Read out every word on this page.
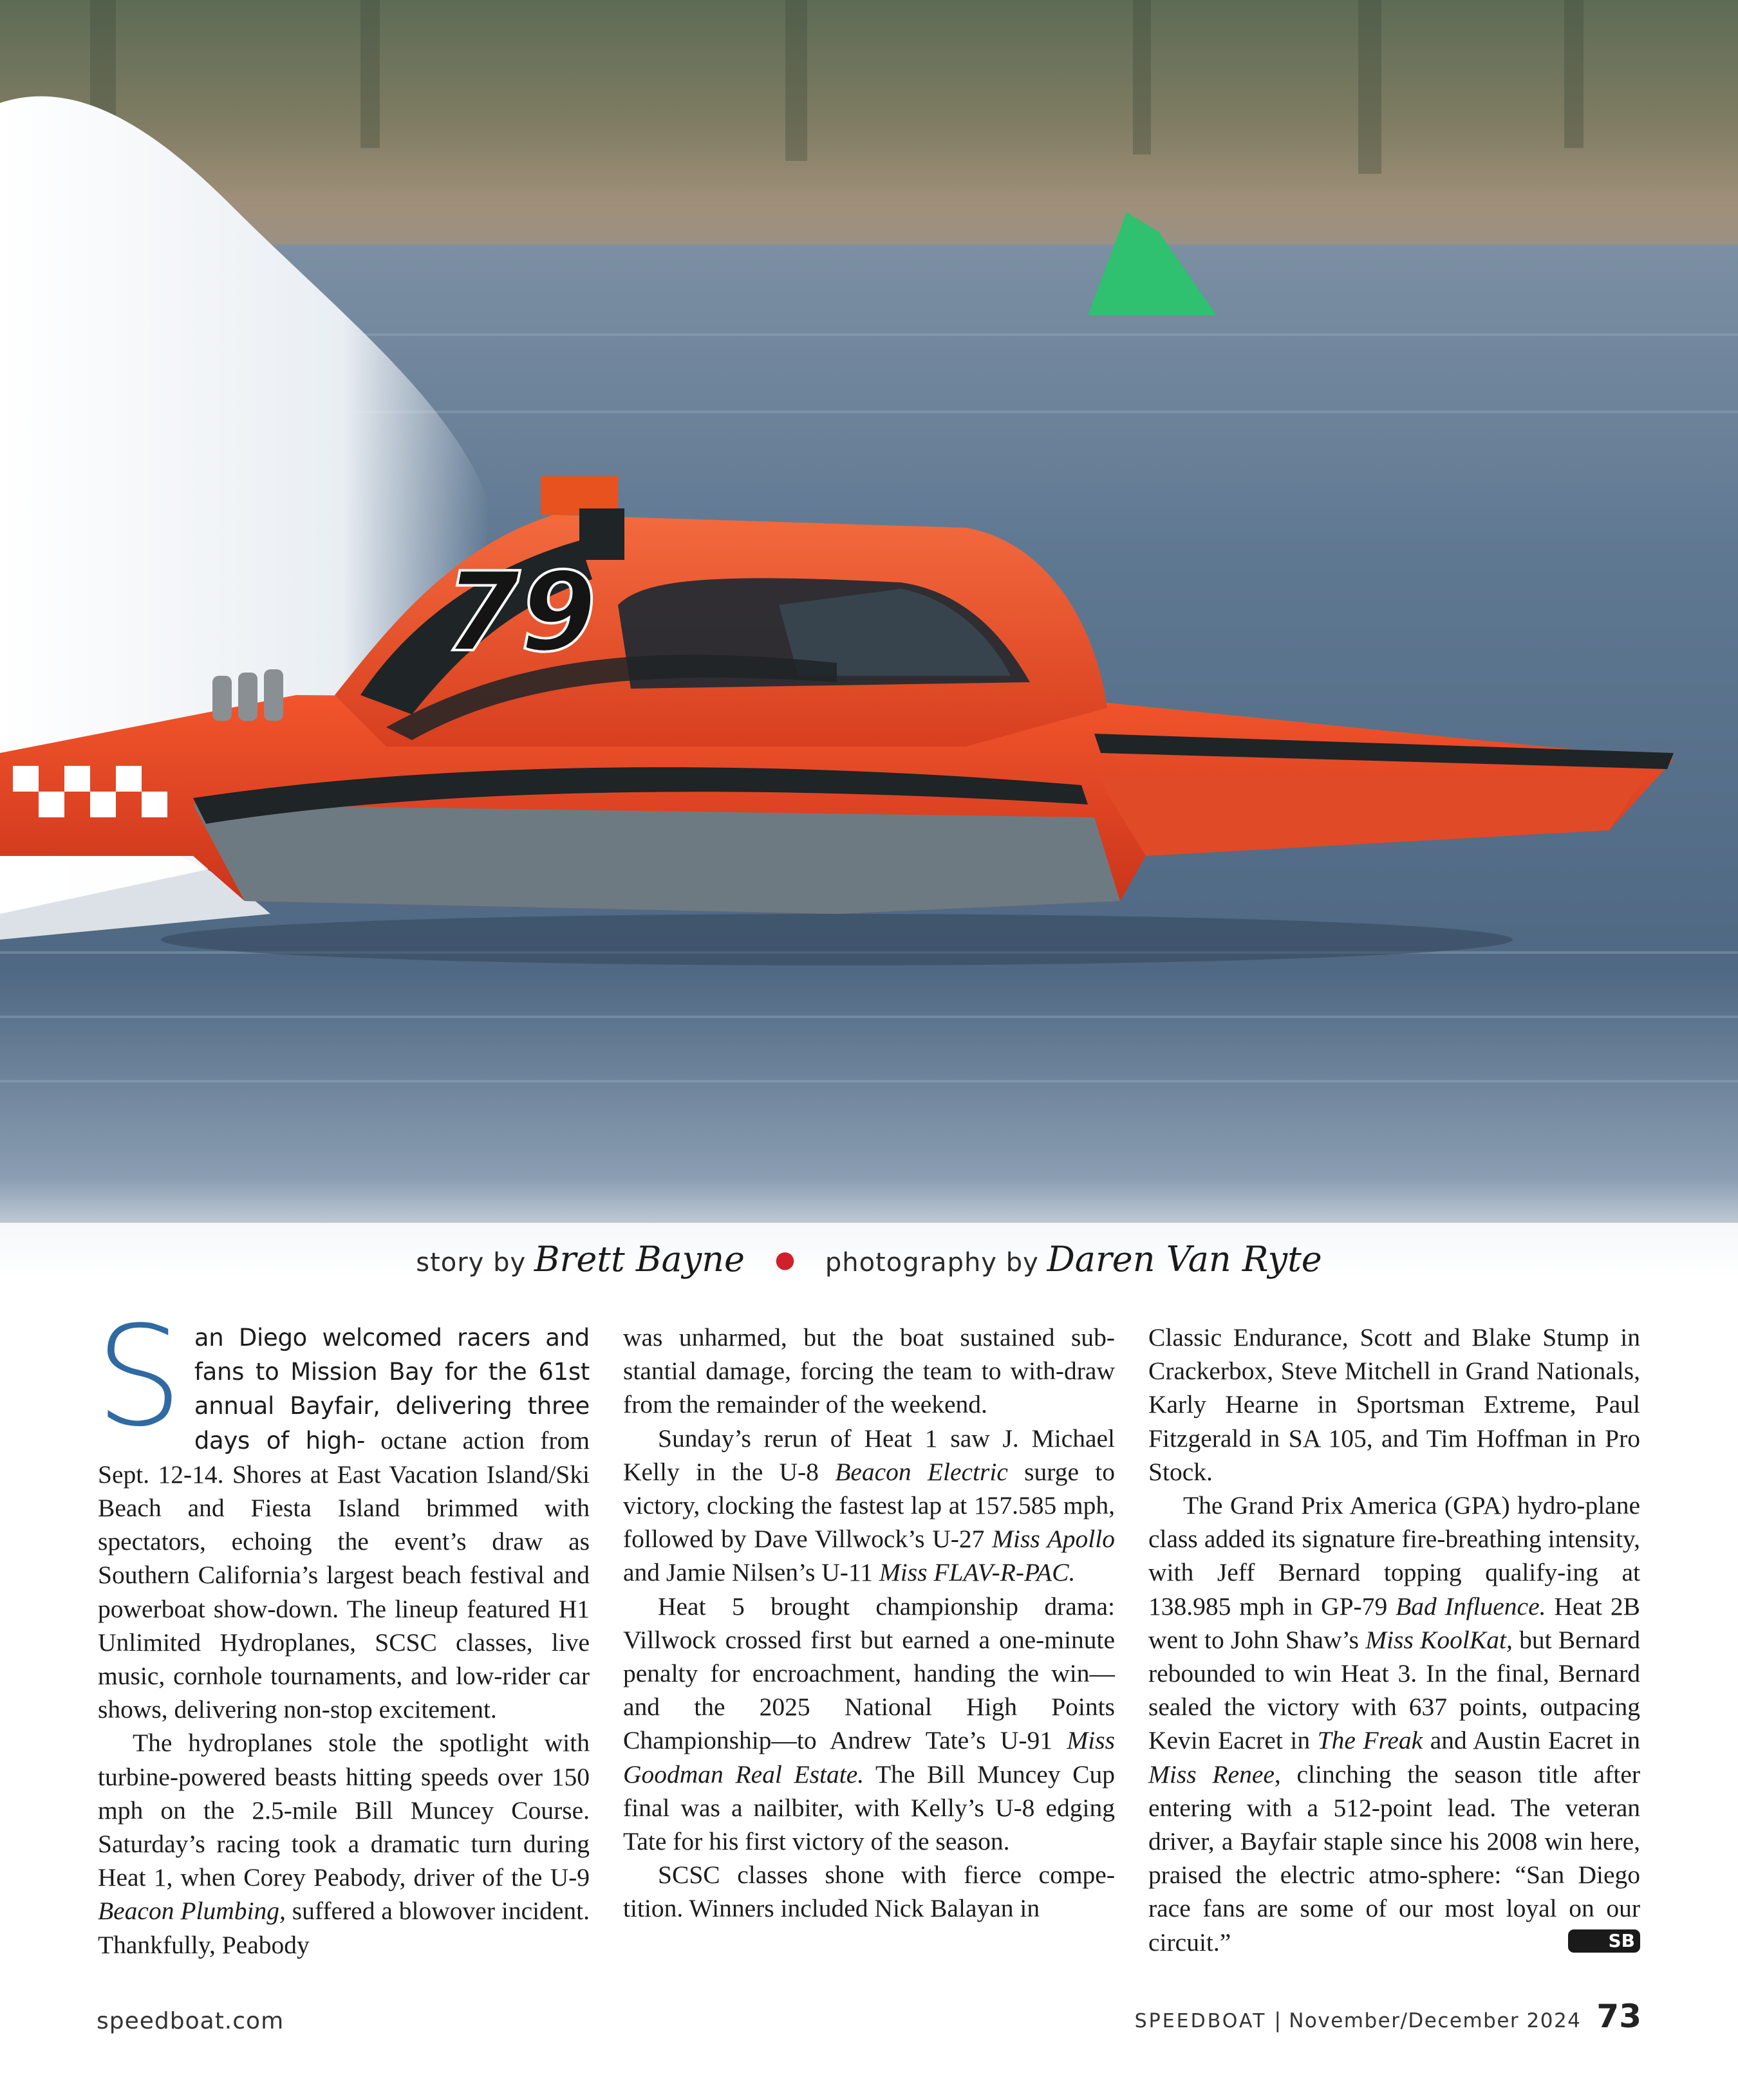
79
story by Brett Bayne ● photography by Daren Van Ryte

San Diego welcomed racers and fans to Mission Bay for the 61st annual Bayfair, delivering three days of high- octane action from Sept. 12-14. Shores at East Vacation Island/Ski Beach and Fiesta Island brimmed with spectators, echoing the event’s draw as Southern California’s largest beach festival and powerboat show-down. The lineup featured H1 Unlimited Hydroplanes, SCSC classes, live music, cornhole tournaments, and low-rider car shows, delivering non-stop excitement.

The hydroplanes stole the spotlight with turbine-powered beasts hitting speeds over 150 mph on the 2.5-mile Bill Muncey Course. Saturday’s racing took a dramatic turn during Heat 1, when Corey Peabody, driver of the U-9 Beacon Plumbing, suffered a blowover incident. Thankfully, Peabody

was unharmed, but the boat sustained sub-stantial damage, forcing the team to with-draw from the remainder of the weekend.

Sunday’s rerun of Heat 1 saw J. Michael Kelly in the U-8 Beacon Electric surge to victory, clocking the fastest lap at 157.585 mph, followed by Dave Villwock’s U-27 Miss Apollo and Jamie Nilsen’s U-11 Miss FLAV-R-PAC.

Heat 5 brought championship drama: Villwock crossed first but earned a one-minute penalty for encroachment, handing the win—and the 2025 National High Points Championship—to Andrew Tate’s U-91 Miss Goodman Real Estate. The Bill Muncey Cup final was a nailbiter, with Kelly’s U-8 edging Tate for his first victory of the season.

SCSC classes shone with fierce compe-tition. Winners included Nick Balayan in

Classic Endurance, Scott and Blake Stump in Crackerbox, Steve Mitchell in Grand Nationals, Karly Hearne in Sportsman Extreme, Paul Fitzgerald in SA 105, and Tim Hoffman in Pro Stock.

The Grand Prix America (GPA) hydro-plane class added its signature fire-breathing intensity, with Jeff Bernard topping qualify-ing at 138.985 mph in GP-79 Bad Influence. Heat 2B went to John Shaw’s Miss KoolKat, but Bernard rebounded to win Heat 3. In the final, Bernard sealed the victory with 637 points, outpacing Kevin Eacret in The Freak and Austin Eacret in Miss Renee, clinching the season title after entering with a 512-point lead. The veteran driver, a Bayfair staple since his 2008 win here, praised the electric atmo-sphere: “San Diego race fans are some of our most loyal on our circuit.”	SB

speedboat.com	SPEEDBOAT | November/December 2024 73
